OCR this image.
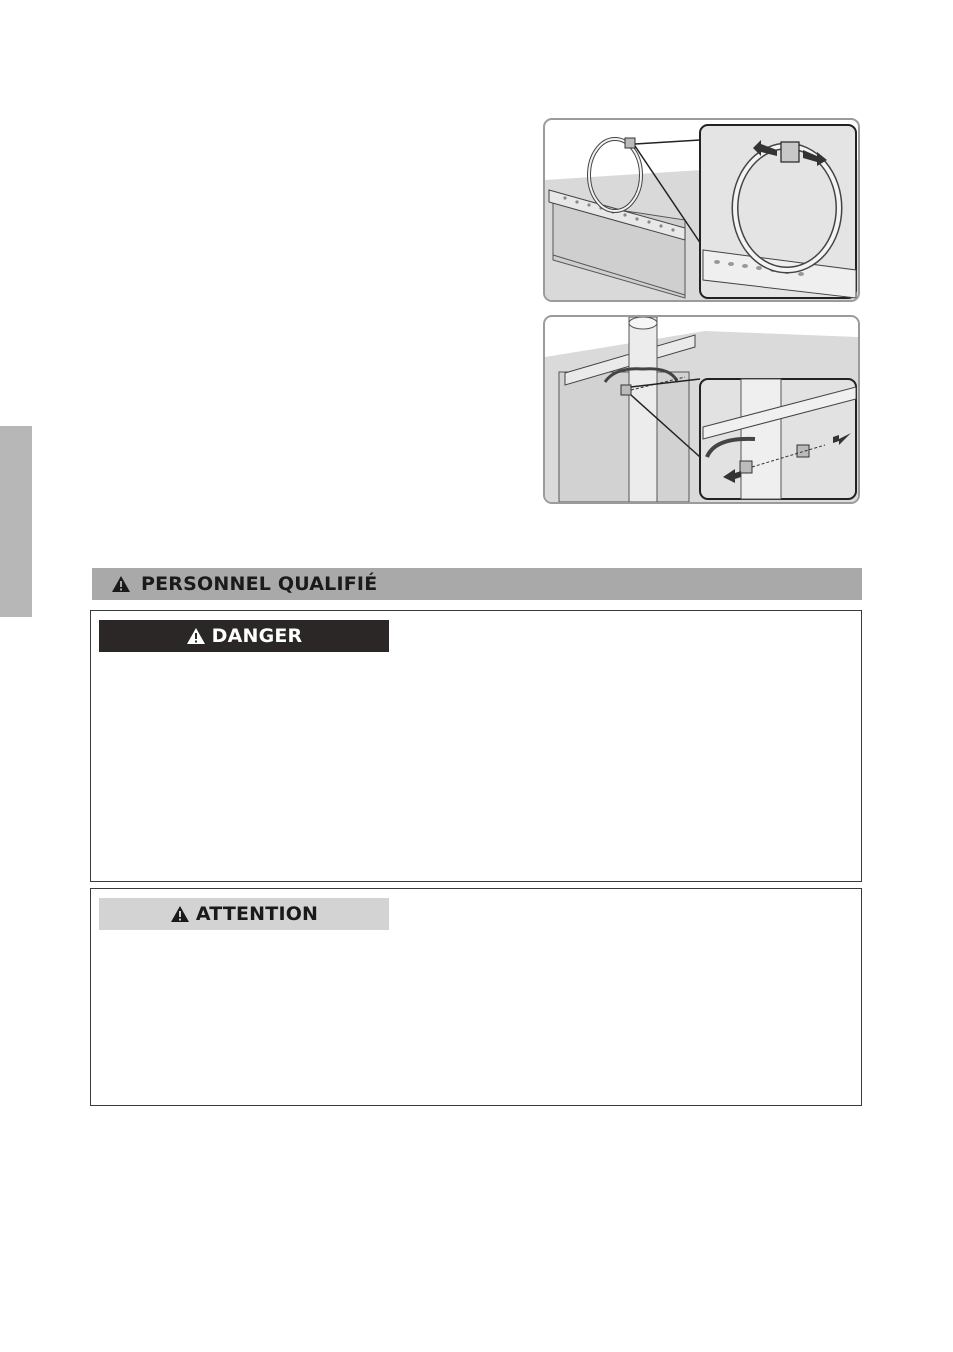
PERSONNEL QUALIFIÉ
DANGER
ATTENTION
